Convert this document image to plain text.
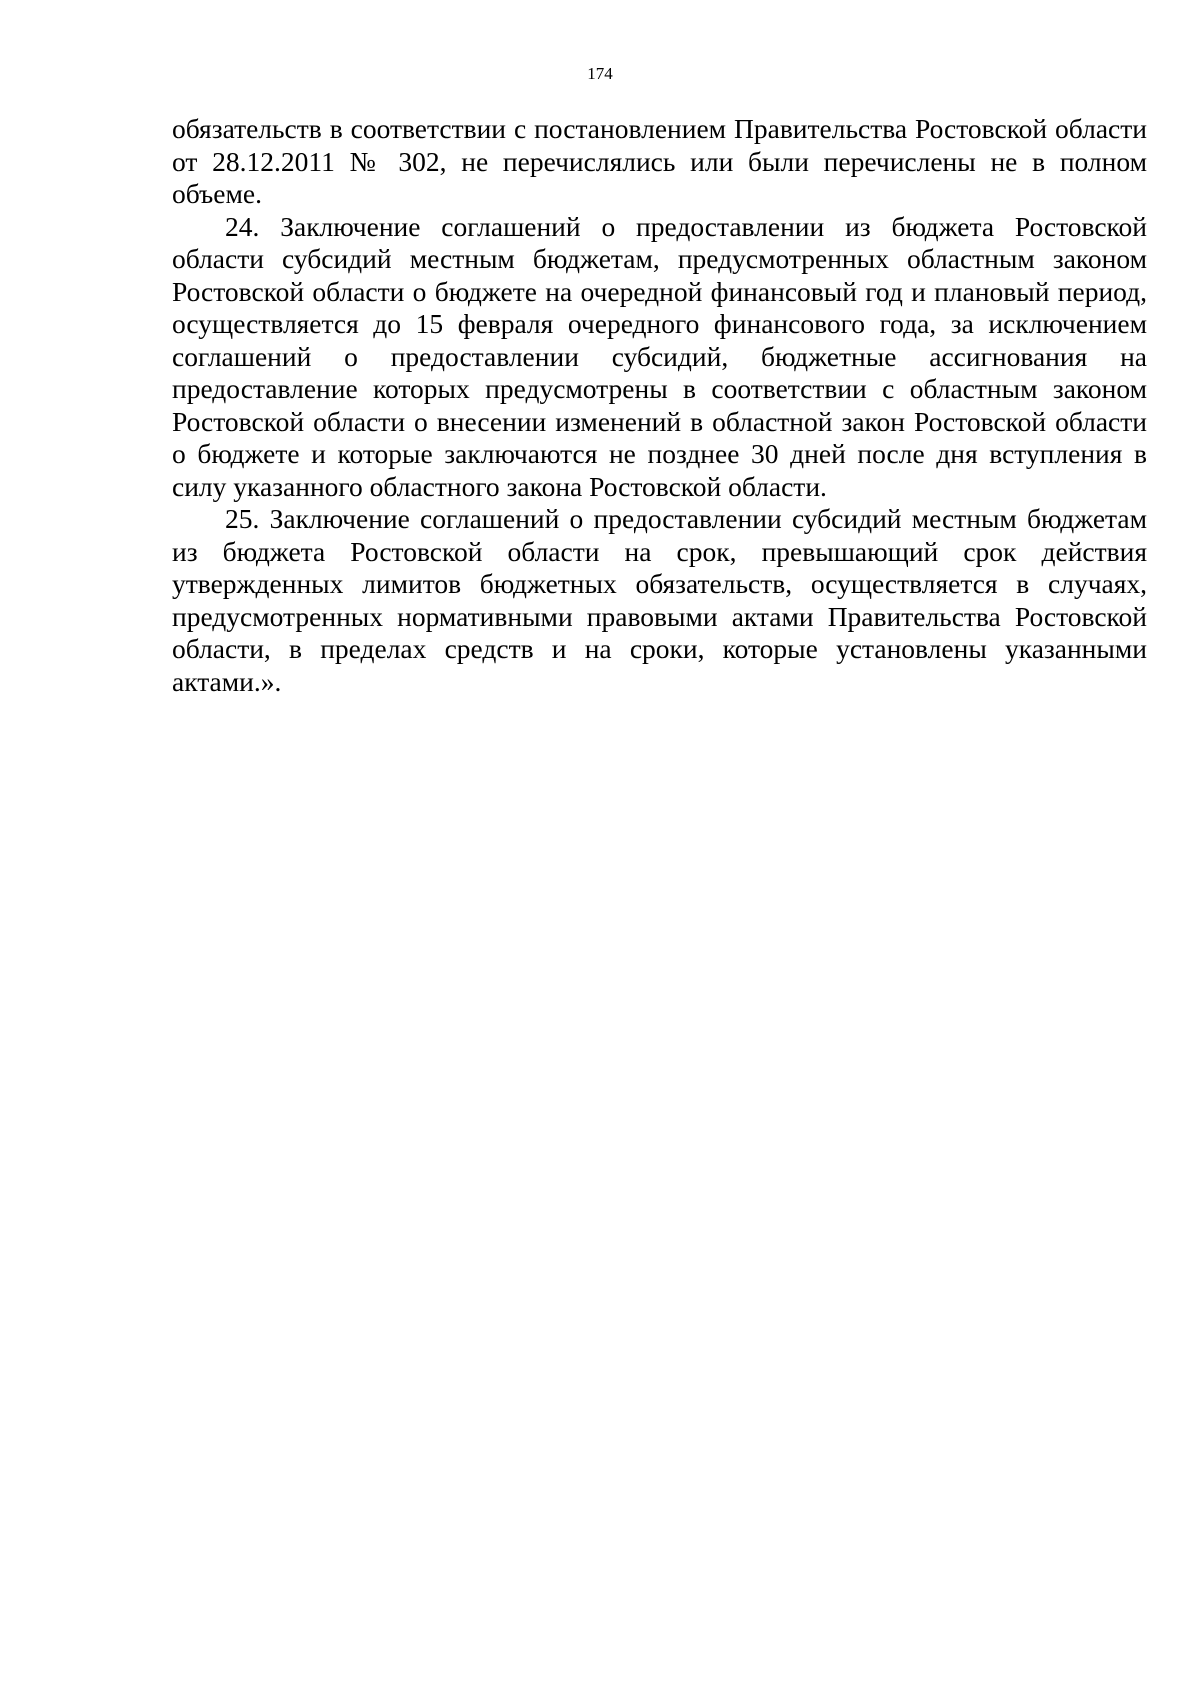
174

обязательств в соответствии с постановлением Правительства Ростовской области от 28.12.2011 № 302, не перечислялись или были перечислены не в полном объеме.

24. Заключение соглашений о предоставлении из бюджета Ростовской области субсидий местным бюджетам, предусмотренных областным законом Ростовской области о бюджете на очередной финансовый год и плановый период, осуществляется до 15 февраля очередного финансового года, за исключением соглашений о предоставлении субсидий, бюджетные ассигнования на предоставление которых предусмотрены в соответствии с областным законом Ростовской области о внесении изменений в областной закон Ростовской области о бюджете и которые заключаются не позднее 30 дней после дня вступления в силу указанного областного закона Ростовской области.

25. Заключение соглашений о предоставлении субсидий местным бюджетам из бюджета Ростовской области на срок, превышающий срок действия утвержденных лимитов бюджетных обязательств, осуществляется в случаях, предусмотренных нормативными правовыми актами Правительства Ростовской области, в пределах средств и на сроки, которые установлены указанными актами.».
